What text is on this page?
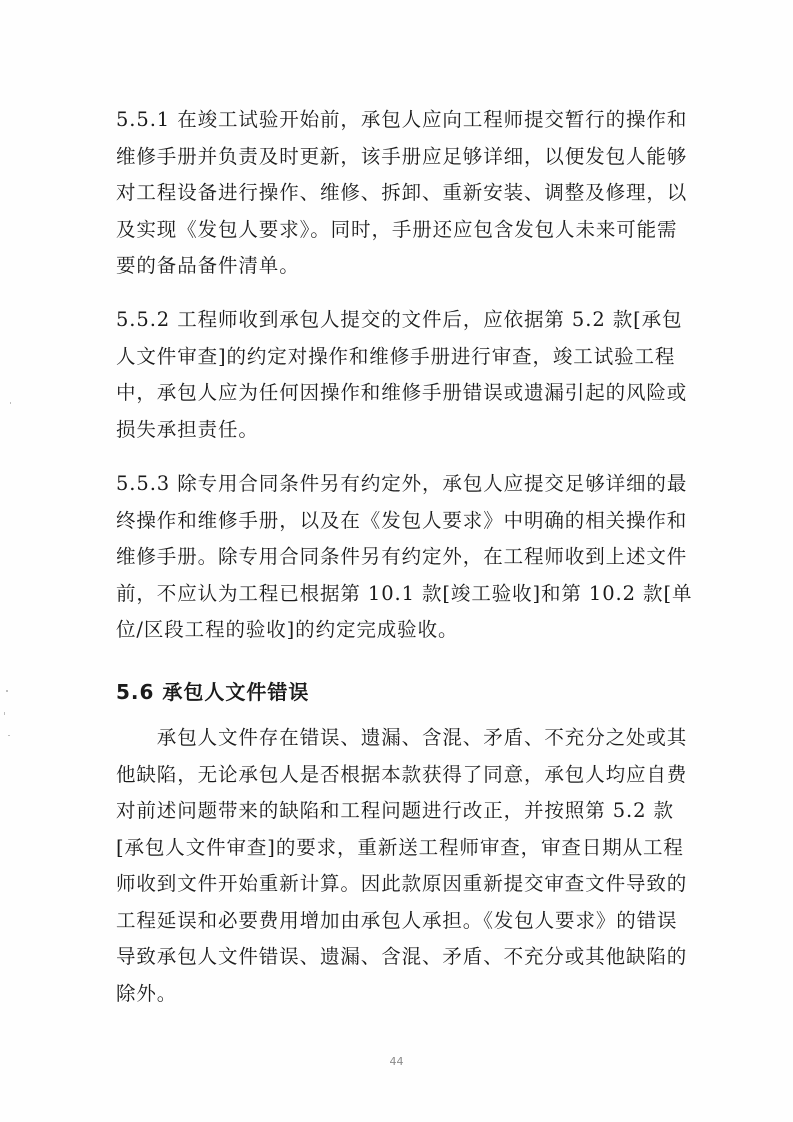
5.5.1 在竣工试验开始前，承包人应向工程师提交暂行的操作和
维修手册并负责及时更新，该手册应足够详细，以便发包人能够
对工程设备进行操作、维修、拆卸、重新安装、调整及修理，以
及实现《发包人要求》。同时，手册还应包含发包人未来可能需
要的备品备件清单。
5.5.2 工程师收到承包人提交的文件后，应依据第 5.2 款[承包
人文件审查]的约定对操作和维修手册进行审查，竣工试验工程
中，承包人应为任何因操作和维修手册错误或遗漏引起的风险或
损失承担责任。
5.5.3 除专用合同条件另有约定外，承包人应提交足够详细的最
终操作和维修手册，以及在《发包人要求》中明确的相关操作和
维修手册。除专用合同条件另有约定外，在工程师收到上述文件
前，不应认为工程已根据第 10.1 款[竣工验收]和第 10.2 款[单
位/区段工程的验收]的约定完成验收。
5.6 承包人文件错误
　　承包人文件存在错误、遗漏、含混、矛盾、不充分之处或其
他缺陷，无论承包人是否根据本款获得了同意，承包人均应自费
对前述问题带来的缺陷和工程问题进行改正，并按照第 5.2 款
[承包人文件审查]的要求，重新送工程师审查，审查日期从工程
师收到文件开始重新计算。因此款原因重新提交审查文件导致的
工程延误和必要费用增加由承包人承担。《发包人要求》的错误
导致承包人文件错误、遗漏、含混、矛盾、不充分或其他缺陷的
除外。
44
